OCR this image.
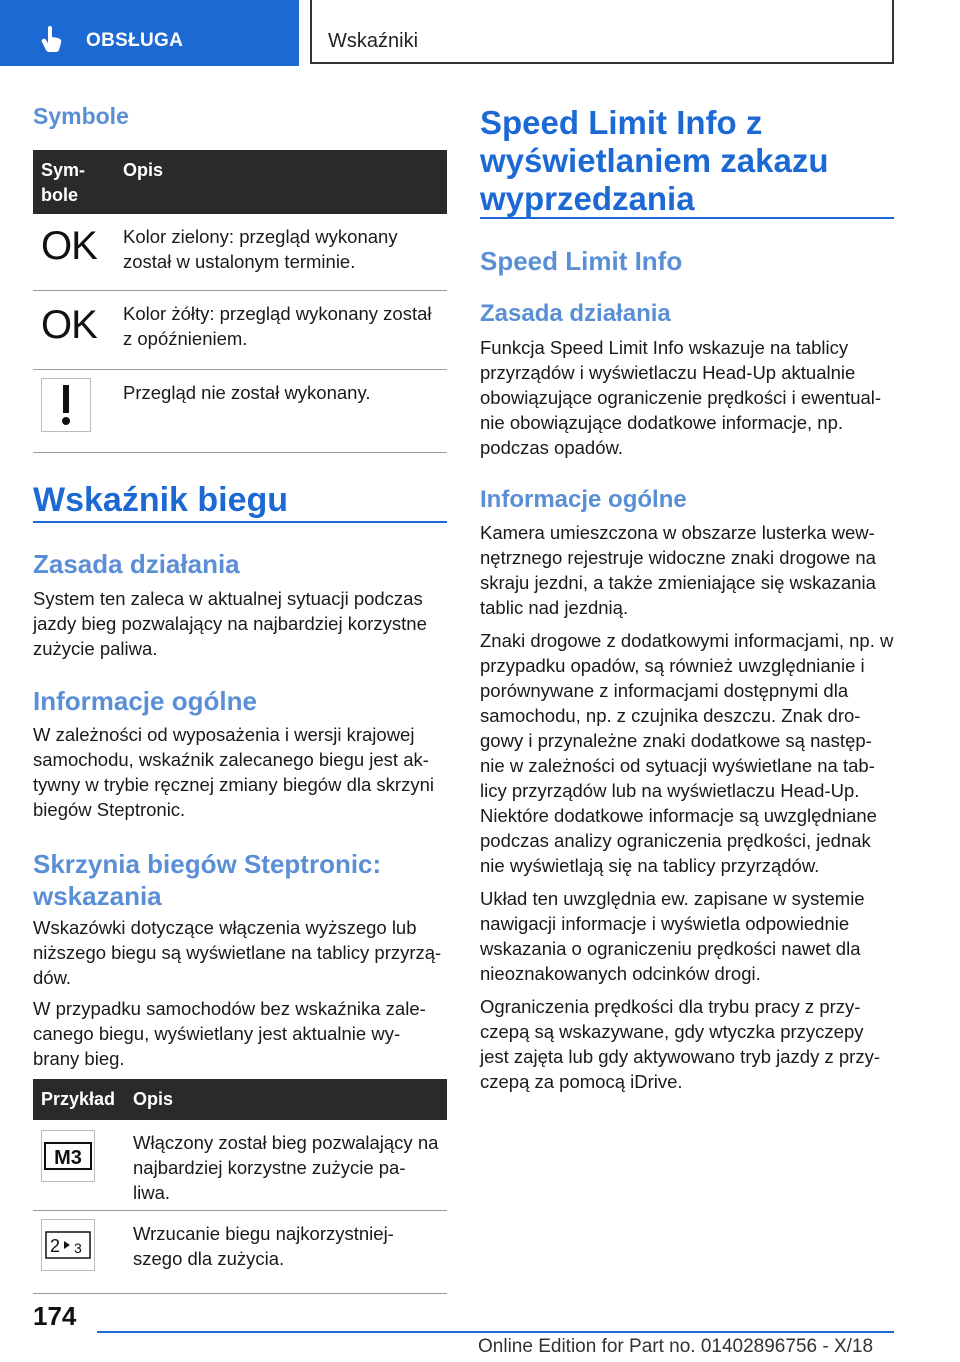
OBSŁUGA	Wskaźniki
Symbole
Sym-
bole	Opis
OK	Kolor zielony: przegląd wykonany został w ustalonym terminie.
OK	Kolor żółty: przegląd wykonany został z opóźnieniem.

	Przegląd nie został wykonany.
Wskaźnik biegu
Zasada działania

System ten zaleca w aktualnej sytuacji podczas jazdy bieg pozwalający na najbardziej korzystne zużycie paliwa.

Informacje ogólne

W zależności od wyposażenia i wersji krajowej samochodu, wskaźnik zalecanego biegu jest ak- tywny w trybie ręcznej zmiany biegów dla skrzyni biegów Steptronic.

Skrzynia biegów Steptronic: wskazania

Wskazówki dotyczące włączenia wyższego lub niższego biegu są wyświetlane na tablicy przyrzą- dów.

W przypadku samochodów bez wskaźnika zale- canego biegu, wyświetlany jest aktualnie wy- brany bieg.

Przykład	Opis

M3	Włączony został bieg pozwalający na najbardziej korzystne zużycie pa- liwa.

2 3	Wrzucanie biegu najkorzystniej- szego dla zużycia.
Speed Limit Info z wyświetlaniem zakazu wyprzedzania
Speed Limit Info
Zasada działania

Funkcja Speed Limit Info wskazuje na tablicy przyrządów i wyświetlaczu Head-Up aktualnie obowiązujące ograniczenie prędkości i ewentual- nie obowiązujące dodatkowe informacje, np. podczas opadów.

Informacje ogólne

Kamera umieszczona w obszarze lusterka wew- nętrznego rejestruje widoczne znaki drogowe na skraju jezdni, a także zmieniające się wskazania tablic nad jezdnią.

Znaki drogowe z dodatkowymi informacjami, np. w przypadku opadów, są również uwzględnianie i porównywane z informacjami dostępnymi dla samochodu, np. z czujnika deszczu. Znak dro- gowy i przynależne znaki dodatkowe są następ- nie w zależności od sytuacji wyświetlane na tab- licy przyrządów lub na wyświetlaczu Head-Up. Niektóre dodatkowe informacje są uwzględniane podczas analizy ograniczenia prędkości, jednak nie wyświetlają się na tablicy przyrządów.

Układ ten uwzględnia ew. zapisane w systemie nawigacji informacje i wyświetla odpowiednie wskazania o ograniczeniu prędkości nawet dla nieoznakowanych odcinków drogi.

Ograniczenia prędkości dla trybu pracy z przy- czepą są wskazywane, gdy wtyczka przyczepy jest zajęta lub gdy aktywowano tryb jazdy z przy- czepą za pomocą iDrive.

174
Online Edition for Part no. 01402896756 - X/18
